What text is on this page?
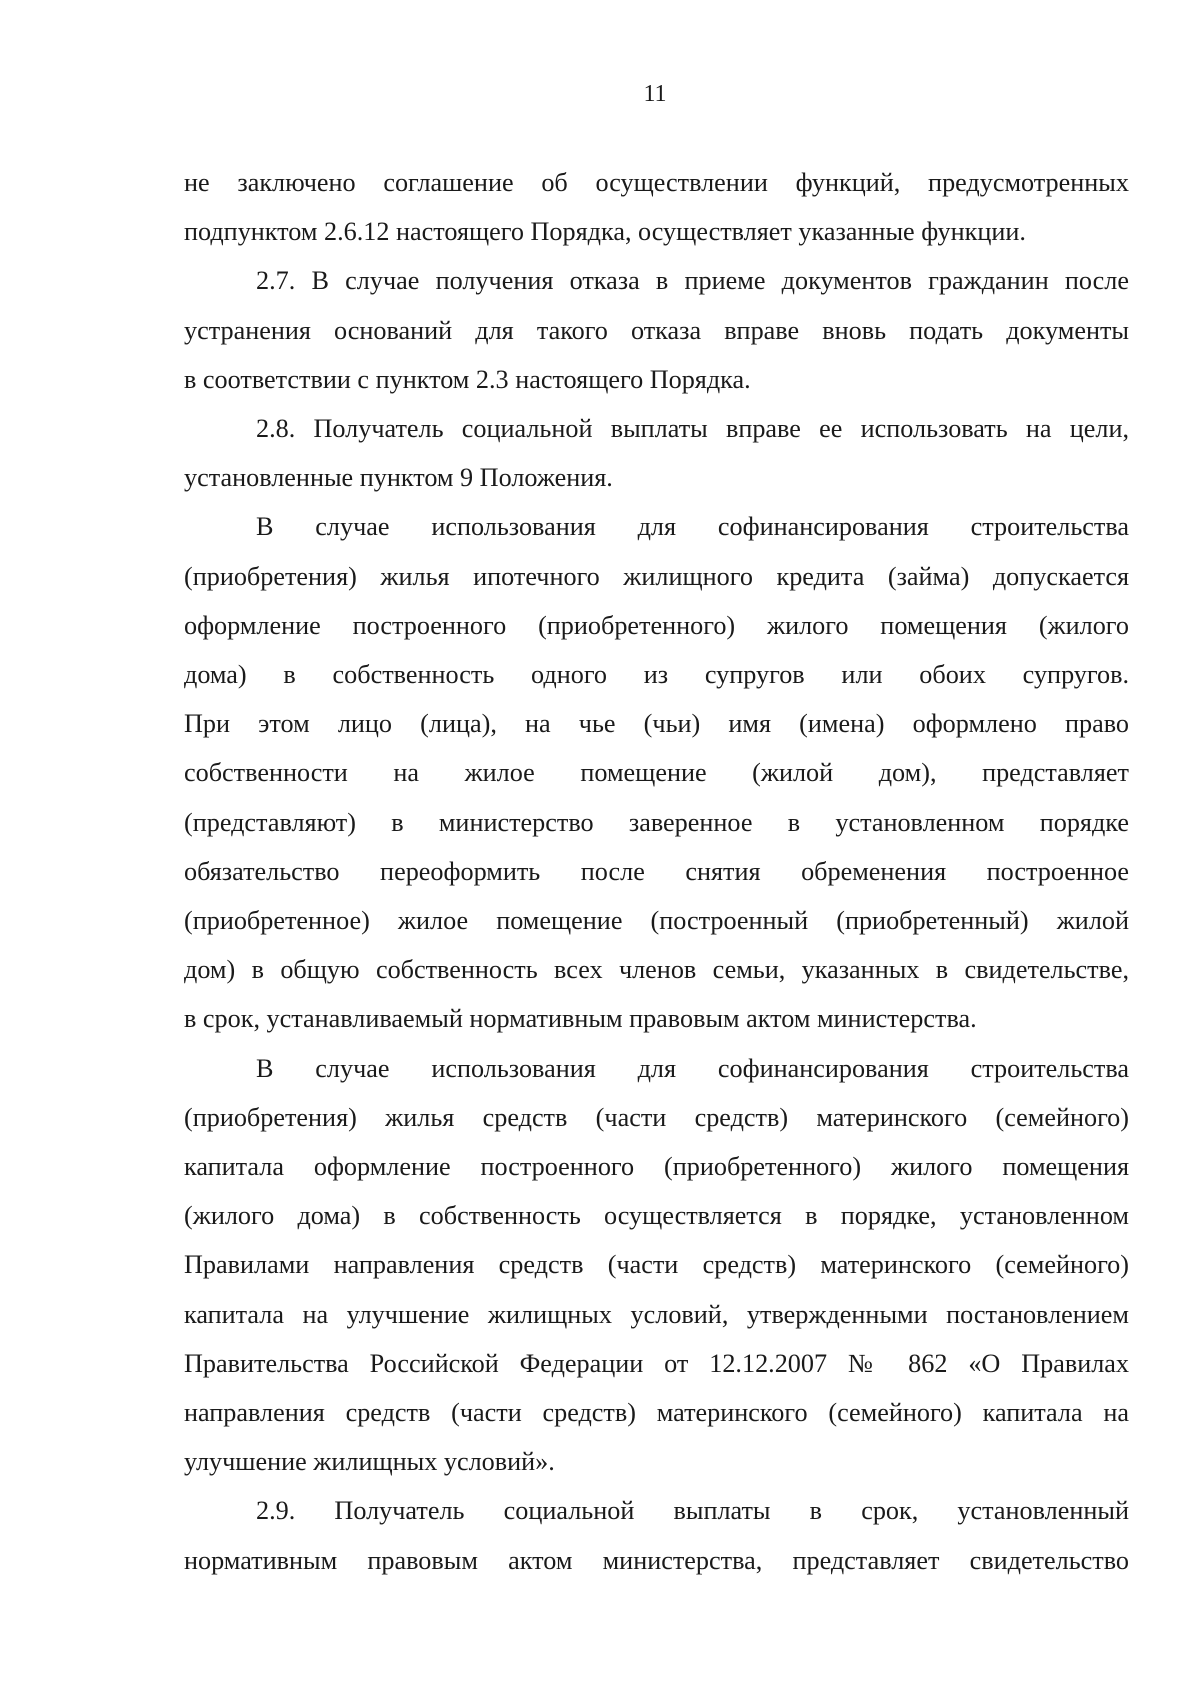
11
не заключено соглашение об осуществлении функций, предусмотренных
подпунктом 2.6.12 настоящего Порядка, осуществляет указанные функции.
2.7. В случае получения отказа в приеме документов гражданин после
устранения оснований для такого отказа вправе вновь подать документы
в соответствии с пунктом 2.3 настоящего Порядка.
2.8. Получатель социальной выплаты вправе ее использовать на цели,
установленные пунктом 9 Положения.
В случае использования для софинансирования строительства
(приобретения) жилья ипотечного жилищного кредита (займа) допускается
оформление построенного (приобретенного) жилого помещения (жилого
дома) в собственность одного из супругов или обоих супругов.
При этом лицо (лица), на чье (чьи) имя (имена) оформлено право
собственности на жилое помещение (жилой дом), представляет
(представляют) в министерство заверенное в установленном порядке
обязательство переоформить после снятия обременения построенное
(приобретенное) жилое помещение (построенный (приобретенный) жилой
дом) в общую собственность всех членов семьи, указанных в свидетельстве,
в срок, устанавливаемый нормативным правовым актом министерства.
В случае использования для софинансирования строительства
(приобретения) жилья средств (части средств) материнского (семейного)
капитала оформление построенного (приобретенного) жилого помещения
(жилого дома) в собственность осуществляется в порядке, установленном
Правилами направления средств (части средств) материнского (семейного)
капитала на улучшение жилищных условий, утвержденными постановлением
Правительства Российской Федерации от 12.12.2007 № 862 «О Правилах
направления средств (части средств) материнского (семейного) капитала на
улучшение жилищных условий».
2.9. Получатель социальной выплаты в срок, установленный
нормативным правовым актом министерства, представляет свидетельство
